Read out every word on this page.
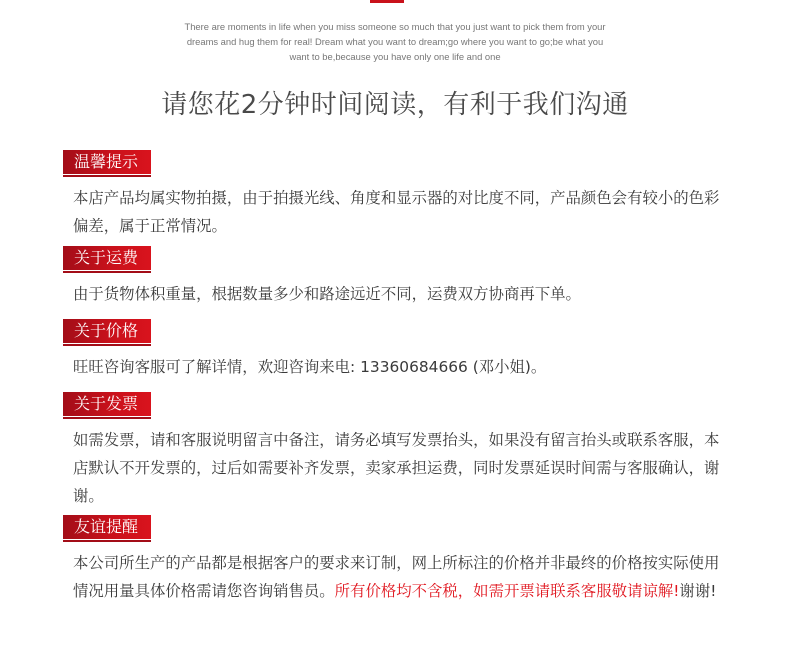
There are moments in life when you miss someone so much that you just want to pick them from your
dreams and hug them for real! Dream what you want to dream;go where you want to go;be what you
want to be,because you have only one life and one
请您花2分钟时间阅读，有利于我们沟通
温馨提示
本店产品均属实物拍摄，由于拍摄光线、角度和显示器的对比度不同，产品颜色会有较小的色彩偏差，属于正常情况。
关于运费
由于货物体积重量，根据数量多少和路途远近不同，运费双方协商再下单。
关于价格
旺旺咨询客服可了解详情，欢迎咨询来电: 13360684666 (邓小姐)。
关于发票
如需发票，请和客服说明留言中备注，请务必填写发票抬头，如果没有留言抬头或联系客服，本店默认不开发票的，过后如需要补齐发票，卖家承担运费，同时发票延误时间需与客服确认，谢谢。
友谊提醒
本公司所生产的产品都是根据客户的要求来订制，网上所标注的价格并非最终的价格按实际使用情况用量具体价格需请您咨询销售员。所有价格均不含税，如需开票请联系客服敬请谅解!谢谢!
